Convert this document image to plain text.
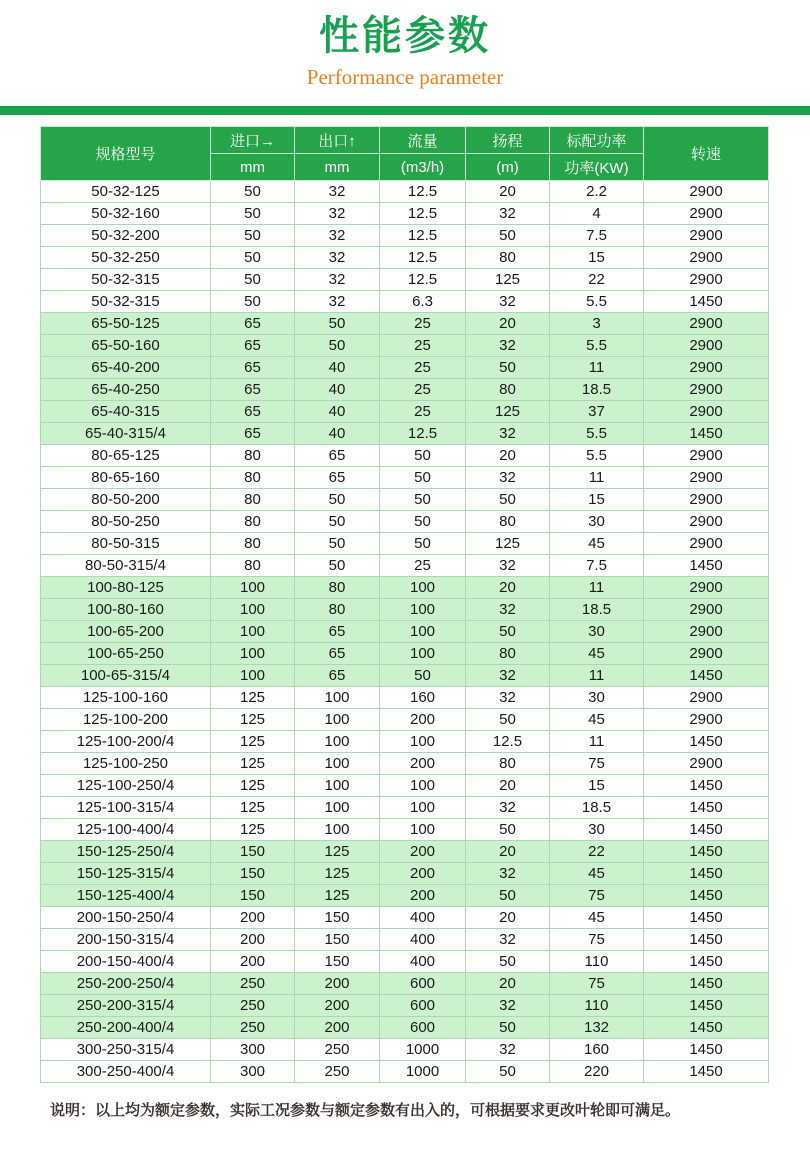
性能参数
Performance parameter
规格型号	进口→	出口↑	流量	扬程	标配功率	转速
	mm	mm	(m3/h)	(m)	功率(KW)	
50-32-125	50	32	12.5	20	2.2	2900
50-32-160	50	32	12.5	32	4	2900
50-32-200	50	32	12.5	50	7.5	2900
50-32-250	50	32	12.5	80	15	2900
50-32-315	50	32	12.5	125	22	2900
50-32-315	50	32	6.3	32	5.5	1450
65-50-125	65	50	25	20	3	2900
65-50-160	65	50	25	32	5.5	2900
65-40-200	65	40	25	50	11	2900
65-40-250	65	40	25	80	18.5	2900
65-40-315	65	40	25	125	37	2900
65-40-315/4	65	40	12.5	32	5.5	1450
80-65-125	80	65	50	20	5.5	2900
80-65-160	80	65	50	32	11	2900
80-50-200	80	50	50	50	15	2900
80-50-250	80	50	50	80	30	2900
80-50-315	80	50	50	125	45	2900
80-50-315/4	80	50	25	32	7.5	1450
100-80-125	100	80	100	20	11	2900
100-80-160	100	80	100	32	18.5	2900
100-65-200	100	65	100	50	30	2900
100-65-250	100	65	100	80	45	2900
100-65-315/4	100	65	50	32	11	1450
125-100-160	125	100	160	32	30	2900
125-100-200	125	100	200	50	45	2900
125-100-200/4	125	100	100	12.5	11	1450
125-100-250	125	100	200	80	75	2900
125-100-250/4	125	100	100	20	15	1450
125-100-315/4	125	100	100	32	18.5	1450
125-100-400/4	125	100	100	50	30	1450
150-125-250/4	150	125	200	20	22	1450
150-125-315/4	150	125	200	32	45	1450
150-125-400/4	150	125	200	50	75	1450
200-150-250/4	200	150	400	20	45	1450
200-150-315/4	200	150	400	32	75	1450
200-150-400/4	200	150	400	50	110	1450
250-200-250/4	250	200	600	20	75	1450
250-200-315/4	250	200	600	32	110	1450
250-200-400/4	250	200	600	50	132	1450
300-250-315/4	300	250	1000	32	160	1450
300-250-400/4	300	250	1000	50	220	1450

说明：以上均为额定参数，实际工况参数与额定参数有出入的，可根据要求更改叶轮即可满足。
